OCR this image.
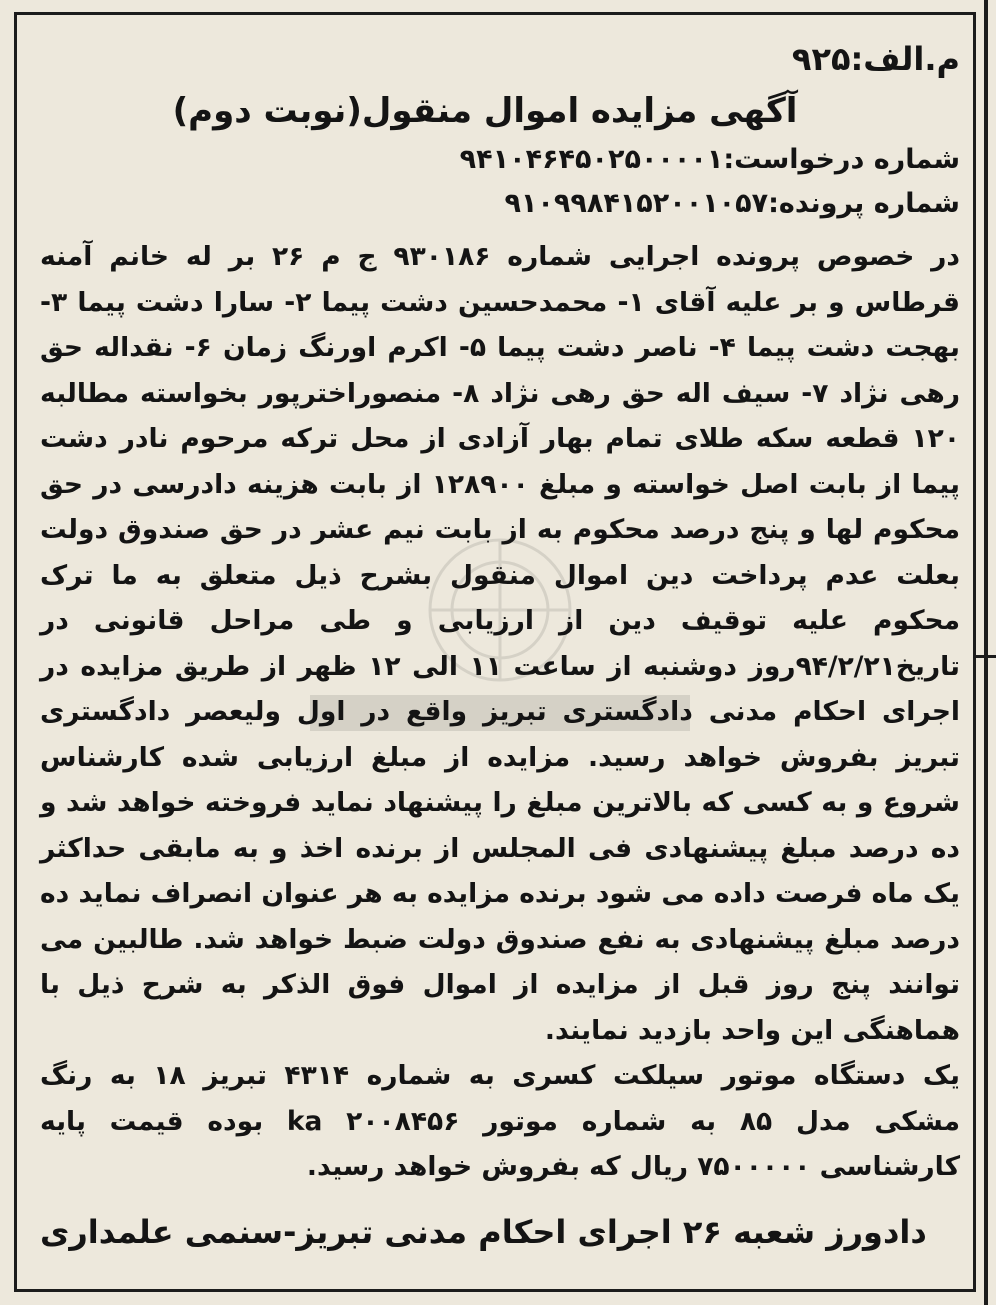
م.الف:۹۲۵
آگهی مزایده اموال منقول(نوبت دوم)
شماره درخواست:۹۴۱۰۴۶۴۵۰۲۵۰۰۰۰۱
شماره پرونده:۹۱۰۹۹۸۴۱۵۲۰۰۱۰۵۷
در خصوص پرونده اجرایی شماره ۹۳۰۱۸۶ ج م ۲۶ بر له خانم آمنه قرطاس و بر علیه آقای ۱- محمدحسین دشت پیما ۲- سارا دشت پیما ۳- بهجت دشت پیما ۴- ناصر دشت پیما ۵- اکرم اورنگ زمان ۶- نقداله حق رهی نژاد ۷- سیف اله حق رهی نژاد ۸- منصوراخترپور بخواسته مطالبه ۱۲۰ قطعه سکه طلای تمام بهار آزادی از محل ترکه مرحوم نادر دشت پیما از بابت اصل خواسته و مبلغ ۱۲۸۹۰۰ از بابت هزینه دادرسی در حق محکوم لها و پنج درصد محکوم به از بابت نیم عشر در حق صندوق دولت بعلت عدم پرداخت دین اموال منقول بشرح ذیل متعلق به ما ترک محکوم علیه توقیف دین از ارزیابی و طی مراحل قانونی در تاریخ۹۴/۲/۲۱روز دوشنبه از ساعت ۱۱ الی ۱۲ ظهر از طریق مزایده در اجرای احکام مدنی دادگستری تبریز واقع در اول ولیعصر دادگستری تبریز بفروش خواهد رسید. مزایده از مبلغ ارزیابی شده کارشناس شروع و به کسی که بالاترین مبلغ را پیشنهاد نماید فروخته خواهد شد و ده درصد مبلغ پیشنهادی فی المجلس از برنده اخذ و به مابقی حداکثر یک ماه فرصت داده می شود برنده مزایده به هر عنوان انصراف نماید ده درصد مبلغ پیشنهادی به نفع صندوق دولت ضبط خواهد شد. طالبین می توانند پنج روز قبل از مزایده از اموال فوق الذکر به شرح ذیل با هماهنگی این واحد بازدید نمایند.
یک دستگاه موتور سیلکت کسری به شماره ۴۳۱۴ تبریز ۱۸ به رنگ مشکی مدل ۸۵ به شماره موتور ka ۲۰۰۸۴۵۶ بوده قیمت پایه کارشناسی ۷۵۰۰۰۰۰ ریال که بفروش خواهد رسید.
دادورز شعبه ۲۶ اجرای احکام مدنی تبریز-سنمی علمداری
